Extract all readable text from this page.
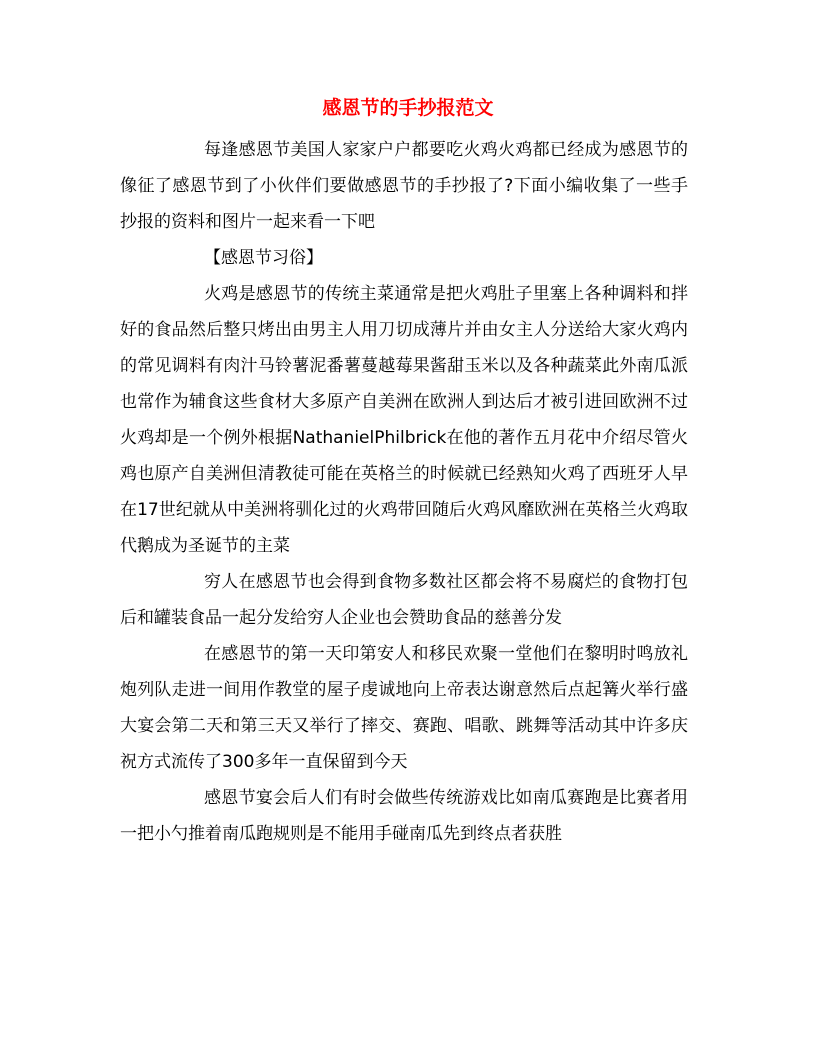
感恩节的手抄报范文

每逢感恩节美国人家家户户都要吃火鸡火鸡都已经成为感恩节的像征了感恩节到了小伙伴们要做感恩节的手抄报了?下面小编收集了一些手抄报的资料和图片一起来看一下吧

【感恩节习俗】

火鸡是感恩节的传统主菜通常是把火鸡肚子里塞上各种调料和拌好的食品然后整只烤出由男主人用刀切成薄片并由女主人分送给大家火鸡内的常见调料有肉汁马铃薯泥番薯蔓越莓果酱甜玉米以及各种蔬菜此外南瓜派也常作为辅食这些食材大多原产自美洲在欧洲人到达后才被引进回欧洲不过火鸡却是一个例外根据NathanielPhilbrick在他的著作五月花中介绍尽管火鸡也原产自美洲但清教徒可能在英格兰的时候就已经熟知火鸡了西班牙人早在17世纪就从中美洲将驯化过的火鸡带回随后火鸡风靡欧洲在英格兰火鸡取代鹅成为圣诞节的主菜

穷人在感恩节也会得到食物多数社区都会将不易腐烂的食物打包后和罐装食品一起分发给穷人企业也会赞助食品的慈善分发

在感恩节的第一天印第安人和移民欢聚一堂他们在黎明时鸣放礼炮列队走进一间用作教堂的屋子虔诚地向上帝表达谢意然后点起篝火举行盛大宴会第二天和第三天又举行了摔交、赛跑、唱歌、跳舞等活动其中许多庆祝方式流传了300多年一直保留到今天

感恩节宴会后人们有时会做些传统游戏比如南瓜赛跑是比赛者用一把小勺推着南瓜跑规则是不能用手碰南瓜先到终点者获胜
